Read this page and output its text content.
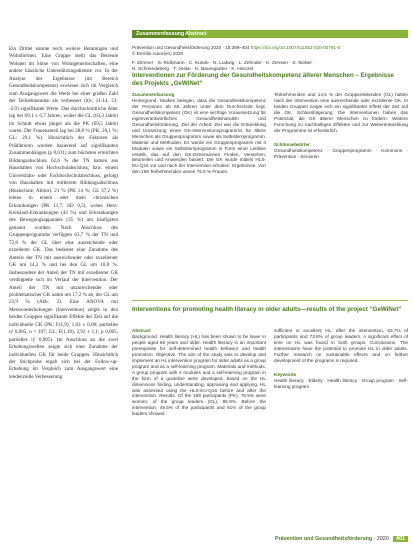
Ein Drittel nannte noch weitere Beratungen und Wohnformen. Eine Gruppe stellt das Betreute Wohnen im Sinne von Wohngemeinschaften, eine andere häusliche Unterstützungsdienste vor. In der Analyse der Ergebnisse (im Bereich Gesundheitskompetenz) erwiesen sich im Vergleich zum Ausgangswert die Werte bei einer großen Zahl der Teilnehmenden als verbessert (t(n: 11-14, CI: -2.9) signifikante Werte. Das durchschnittliche Alter lag bei 69,1 ± 6,7 Jahren, wobei die GL (63,3 Jahre) im Schnitt etwas jünger als die PK (69,5 Jahre) waren. Der Frauenanteil lag bei 28,8 % (PK: 20,1 %; GL: 29,1 %). Hinsichtlich der Faktoren als Prädiktoren wurden basierend auf signifikanten Zusammenhängen (p 0,011) zum höchsten erreichten Bildungsabschluss 62,6 % der TN kamen aus Haushalten von Hochschulabschluss, bzw. einem Universitäts- oder Fachhochschulabschluss, gefolgt von Haushalten mit mittlerem Bildungsabschluss (Realschule, Abitur). 21 % (PK 14 %; GL 37,2 %) lebten in einem oder mehr chronischen Erkrankungen (PK 11,7; SD 0,5), wobei Herz-Kreislauf-Erkrankungen (43 %) und Erkrankungen des Bewegungsapparates (35 %) am häufigsten genannt wurden. Nach Abschluss des Gruppenprogramms verfügten 63,7 % der TN und 72,8 % der GL über eine ausreichende oder exzellente GK. Das bedeutet eine Zunahme des Anteils der TN mit ausreichender oder exzellenter GK um 14,2 % und bei den GL um 10,8 %. Insbesondere der Anteil der TN mit exzellenter GK verdoppelte sich im Verlauf der Intervention. Der Anteil der TN mit unzureichender oder problematischer GK nahm um 17,2 % ab, der GL um 23,9 % (Abb. 2). Eine ANOVA mit Messwiederholungen (Intervention) zeigte in den beiden Gruppen signifikante Effekte der Zeit auf die individuelle GK (PK: F(1,9), 1,03 ± 0,08; partielles η² 0,005, n = 107; GL: F(1,19), 2,92 ± 1,1; p 0,005, partielles η² 0,005). Im Anschluss an die zwei Erhebungswellen zeigte sich eine Zunahme der individuellen GK für beide Gruppen. Hinsichtlich der Stichprobe ergab sich bei der Follow-up-Erhebung im Vergleich zum Ausgangswert eine tendenzielle Verbesserung.

Zusammenfassung Abstract
Prävention und Gesundheitsförderung 2020 · 15:399–404 https://doi.org/10.1007/s11553-020-00791-5
© Der/die Autor(en) 2020
F. Zimmer · S. Rüßmann · C. Kunde · N. Ludwig · L. Zehnder · K. Zensen · S. Sieber ·
N. Schmiedeberg · T. Jeske · K. Baumgarten · K. Heinzel
Interventionen zur Förderung der Gesundheitskompetenz älterer Menschen – Ergebnisse des Projekts „GeWiNet“
Zusammenfassung

Hintergrund. Studien belegen, dass die Gesundheitskompetenz der Personen ab 65 Jahren unter dem Durchschnitt liegt. Gesundheitskompetenz (GK) ist eine wichtige Voraussetzung für eigenverantwortliches Gesundheitshandeln und Gesundheitsförderung. Ziel der Arbeit: Ziel war die Entwicklung und Umsetzung eines GK-Interventionsprogramms für ältere Menschen als Gruppenprogramm sowie als Selbstlernprogramm. Material und Methoden. Es wurde ein Gruppenprogramm mit 4 Modulen sowie ein Selbstlernprogramm in Form einer Leitlinie erstellt, das auf den GK-Dimensionen Finden, Verstehen, Beurteilen und Anwenden basiert. Die GK wurde mittels HLS-EU-Q16 vor und nach der Intervention erhoben. Ergebnisse. Von den 199 Teilnehmenden waren 76,5 % Frauen.

Teilnehmenden und 14,5 % der Gruppenleitenden (GL) hatten nach der Intervention eine ausreichende oder exzellente GK. In beiden Gruppen zeigte sich ein signifikanter Effekt der Zeit auf die GK. Schlussfolgerung. Die Interventionen haben das Potenzial, die GK älterer Menschen zu fördern. Weitere Forschung zu nachhaltigen Effekten und zur Weiterentwicklung der Programme ist erforderlich.

Schlüsselwörter

Gesundheitskompetenz · Gruppenprogramm · Kommune · Prävention · Senioren

Interventions for promoting health literacy in older adults—results of the project “GeWiNet”
Abstract

Background. Health literacy (HL) has been shown to be lower in people aged 65 years and older. Health literacy is an important prerequisite for self-determined health behavior and health promotion. Objective. The aim of the study was to develop and implement an HL intervention program for older adults as a group program and as a self-learning program. Materials and methods. A group program with 4 modules and a self-learning program in the form of a guideline were developed, based on the HL dimensions finding, understanding, appraising and applying. HL was assessed using the HLS-EU-Q16 before and after the intervention. Results. Of the 199 participants (PK), 76.5% were women; of the group leaders (GL), 95.9%. Before the intervention, 49.5% of the participants and 61% of the group leaders showed

sufficient or excellent HL; after the intervention, 63.7% of participants and 72.8% of group leaders. A significant effect of time on HL was found in both groups. Conclusions. The interventions have the potential to promote HL in older adults. Further research on sustainable effects and on further development of the programs is required.

Keywords

Health literacy · Elderly · Health literacy · Group program · Self-learning program

Prävention und Gesundheitsförderung · 2020 401
